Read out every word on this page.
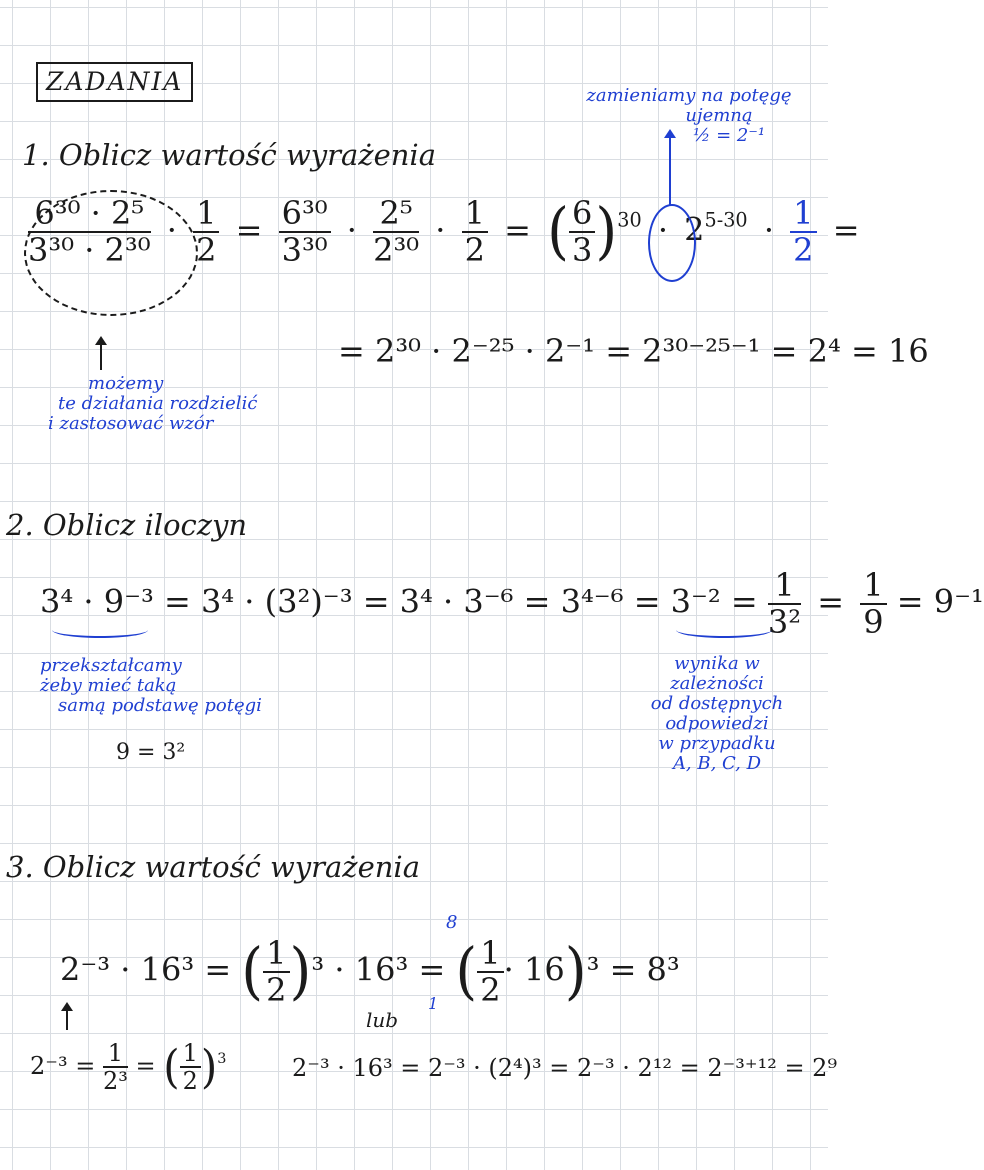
ZADANIA
1. Oblicz wartość wyrażenia
zamieniamy na potęgę
ujemną
½ = 2⁻¹
$\frac{\text{6³⁰ · 2⁵}}{\text{3³⁰ · 2³⁰}} \cdot \frac{1}{2} = \frac{\text{6³⁰}}{\text{3³⁰}} \cdot \frac{\text{2⁵}}{\text{2³⁰}} \cdot \frac{1}{2}$ = ( $\frac{6}{3} )^{30} \cdot 2^{5-30} \cdot \frac{1}{2}$ =
= 2³⁰ · 2⁻²⁵ · 2⁻¹ = 2³⁰⁻²⁵⁻¹ = 2⁴ = 16
możemy
te działania rozdzielić
i zastosować wzór
2. Oblicz iloczyn
$3^4 \cdot 9^{-3} = 3^4 \cdot (3^2)^{-3} = 3^4 \cdot 3^{-6} = 3^{4-6} = 3^{-2} = \frac{1}{\text{3²}} = \frac{1}{9} = 9^{-1}$
przekształcamy
żeby mieć taką
samą podstawę potęgi
9 = 3²
wynika w
zależności
od dostępnych
odpowiedzi
w przypadku
A, B, C, D
3. Oblicz wartość wyrażenia
8
2⁻³ · 16³ = ( $\frac{1}{2} )^3 \cdot 16^3$ = ( $\frac{1}{2} \cdot 16)^3 = 8^3$
1
lub
$2^{-3} = \frac{1}{\text{2³}}$ = ( $\frac{1}{2} )^3$	2⁻³ · 16³ = 2⁻³ · (2⁴)³ = 2⁻³ · 2¹² = 2⁻³⁺¹² = 2⁹
